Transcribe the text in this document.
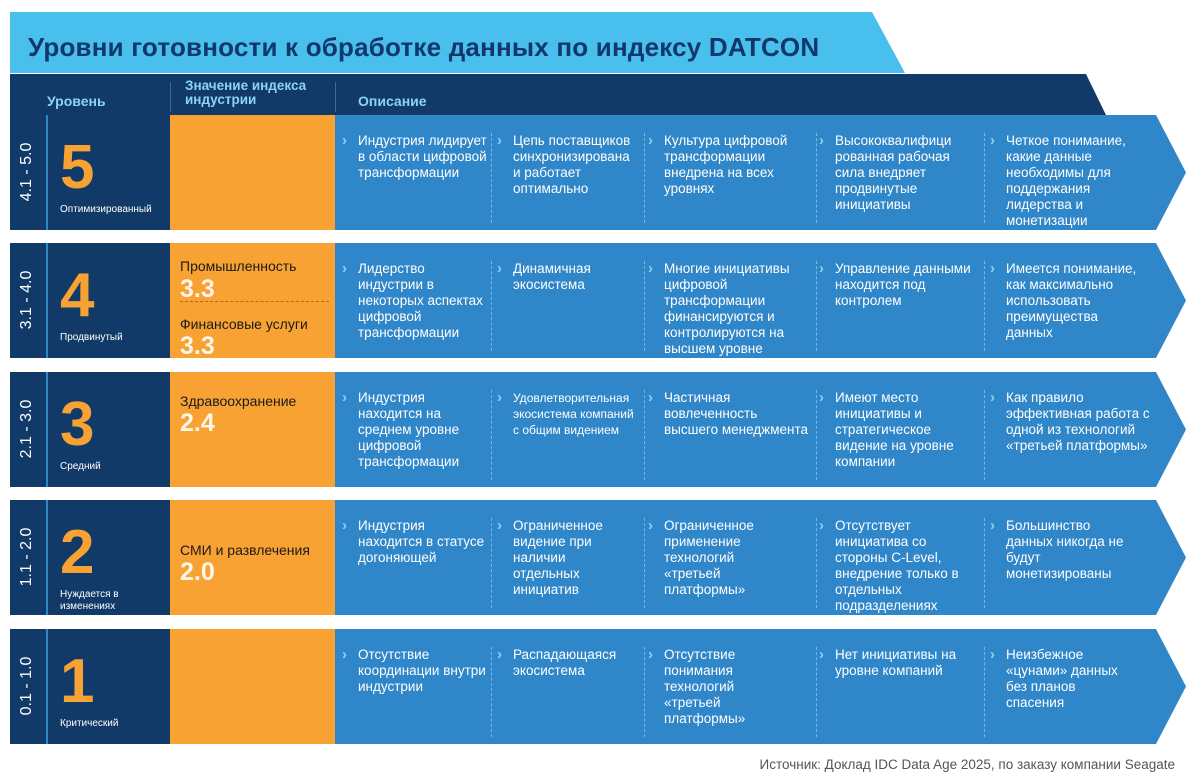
Уровни готовности к обработке данных по индексу DATCON
Уровень
Значение индекса индустрии	Описание
4.1 - 5.0 5
Оптимизированный
› Индустрия лидирует в области цифровой трансформации
› Цепь поставщиков синхронизирована и работает оптимально
› Культура цифровой трансформации внедрена на всех уровнях
› Высококвалифици рованная рабочая сила внедряет продвинутые инициативы
› Четкое понимание, какие данные необходимы для поддержания лидерства и монетизации
3.1 - 4.0 4
Продвинутый
Промышленность
3.3
Финансовые услуги
3.3
› Лидерство индустрии в некоторых аспектах цифровой трансформации
› Динамичная экосистема
› Многие инициативы цифровой трансформации финансируются и контролируются на высшем уровне
› Управление данными находится под контролем
› Имеется понимание, как максимально использовать преимущества данных
2.1 - 3.0 3
Средний
Здравоохранение
2.4
› Индустрия находится на среднем уровне цифровой трансформации
› Удовлетворительная экосистема компаний с общим видением
› Частичная вовлеченность высшего менеджмента
› Имеют место инициативы и стратегическое видение на уровне компании
› Как правило эффективная работа с одной из технологий «третьей платформы»
1.1 - 2.0 2
Нуждается в изменениях
СМИ и развлечения
2.0
› Индустрия находится в статусе догоняющей
› Ограниченное видение при наличии отдельных инициатив
› Ограниченное применение технологий «третьей платформы»
› Отсутствует инициатива со стороны C-Level, внедрение только в отдельных подразделениях
› Большинство данных никогда не будут монетизированы
0.1 - 1.0 1
Критический
› Отсутствие координации внутри индустрии
› Распадающаяся экосистема
› Отсутствие понимания технологий «третьей платформы»
› Нет инициативы на уровне компаний
› Неизбежное «цунами» данных без планов спасения
Источник: Доклад IDC Data Age 2025, по заказу компании Seagate
